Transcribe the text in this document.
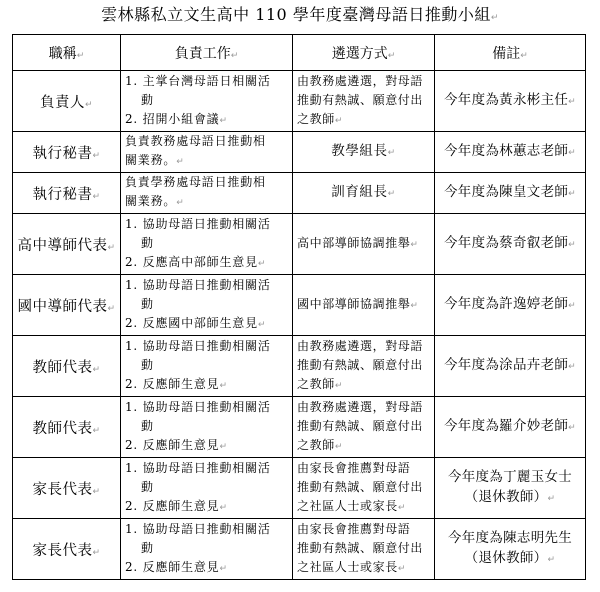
雲林縣私立文生高中 110 學年度臺灣母語日推動小組↵
職稱↵	負責工作↵	遴選方式↵	備註↵
負責人↵	1. 主掌台灣母語日相關活
動
2. 招開小組會議↵	由教務處遴選，對母語
推動有熱誠、願意付出
之教師↵	今年度為黃永彬主任↵

執行秘書↵	負責教務處母語日推動相
關業務。↵	教學組長↵	今年度為林蕙志老師↵

執行秘書↵	負責學務處母語日推動相
關業務。↵	訓育組長↵	今年度為陳皇文老師↵

高中導師代表↵	1. 協助母語日推動相關活
動
2. 反應高中部師生意見↵	高中部導師協調推舉↵	今年度為蔡奇叡老師↵

國中導師代表↵	1. 協助母語日推動相關活
動
2. 反應國中部師生意見↵	國中部導師協調推舉↵	今年度為許逸婷老師↵

教師代表↵	1. 協助母語日推動相關活
動
2. 反應師生意見↵	由教務處遴選，對母語
推動有熱誠、願意付出
之教師↵	今年度為涂品卉老師↵

教師代表↵	1. 協助母語日推動相關活
動
2. 反應師生意見↵	由教務處遴選，對母語
推動有熱誠、願意付出
之教師↵	今年度為羅介妙老師↵

家長代表↵	1. 協助母語日推動相關活
動
2. 反應師生意見↵	由家長會推薦對母語
推動有熱誠、願意付出
之社區人士或家長↵	今年度為丁麗玉女士
（退休教師）↵

家長代表↵	1. 協助母語日推動相關活
動
2. 反應師生意見↵	由家長會推薦對母語
推動有熱誠、願意付出
之社區人士或家長↵	今年度為陳志明先生
（退休教師）↵
